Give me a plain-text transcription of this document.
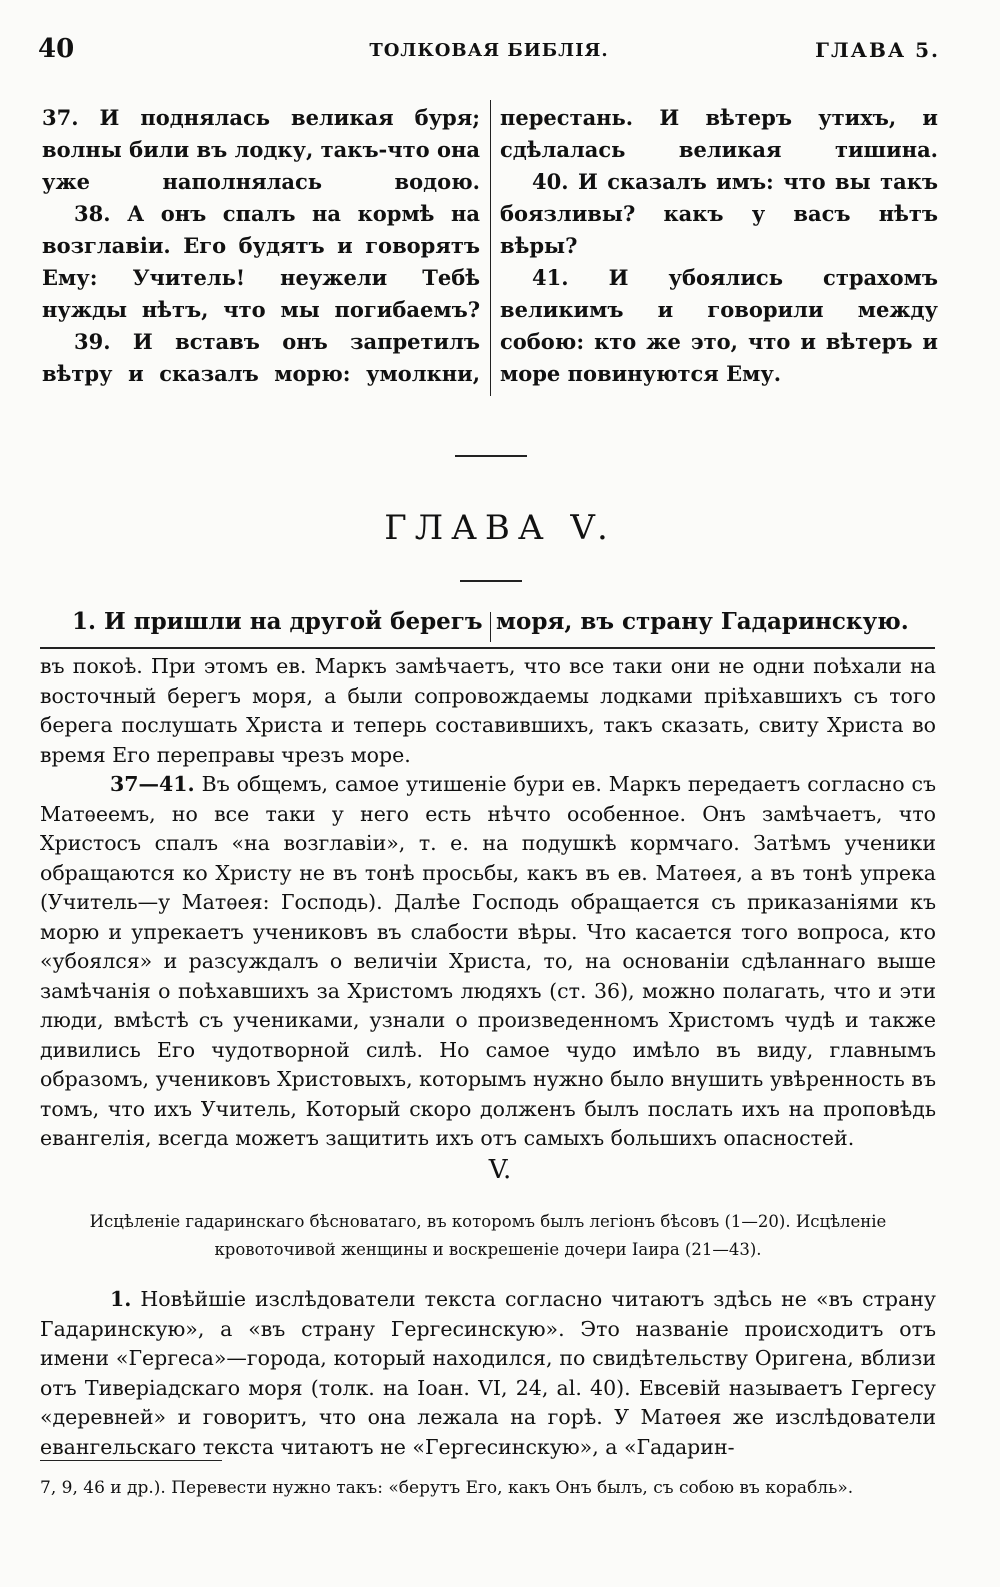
40	ТОЛКОВАЯ БИБЛІЯ.	ГЛАВА 5.

37. И поднялась великая буря; волны били въ лодку, такъ-что она уже наполнялась водою.

38. А онъ спалъ на кормѣ на возглавіи. Его будятъ и говорятъ Ему: Учитель! неужели Тебѣ нужды нѣтъ, что мы погибаемъ?

39. И вставъ онъ запретилъ вѣтру и сказалъ морю: умолкни,

перестань. И вѣтеръ утихъ, и сдѣлалась великая тишина.

40. И сказалъ имъ: что вы такъ боязливы? какъ у васъ нѣтъ вѣры?

41. И убоялись страхомъ великимъ и говорили между собою: кто же это, что и вѣтеръ и море повинуются Ему.

ГЛАВА V.
1. И пришли на другой берегъ моря, въ страну Гадаринскую.

въ покоѣ. При этомъ ев. Маркъ замѣчаетъ, что все таки они не одни поѣхали на восточный берегъ моря, а были сопровождаемы лодками пріѣхавшихъ съ того берега послушать Христа и теперь составившихъ, такъ сказать, свиту Христа во время Его переправы чрезъ море.

37—41. Въ общемъ, самое утишеніе бури ев. Маркъ передаетъ согласно съ Матѳеемъ, но все таки у него есть нѣчто особенное. Онъ замѣчаетъ, что Христосъ спалъ «на возглавіи», т. е. на подушкѣ кормчаго. Затѣмъ ученики обращаются ко Христу не въ тонѣ просьбы, какъ въ ев. Матѳея, а въ тонѣ упрека (Учитель—у Матѳея: Господь). Далѣе Господь обращается съ приказаніями къ морю и упрекаетъ учениковъ въ слабости вѣры. Что касается того вопроса, кто «убоялся» и разсуждалъ о величіи Христа, то, на основаніи сдѣланнаго выше замѣчанія о поѣхавшихъ за Христомъ людяхъ (ст. 36), можно полагать, что и эти люди, вмѣстѣ съ учениками, узнали о произведенномъ Христомъ чудѣ и также дивились Его чудотворной силѣ. Но самое чудо имѣло въ виду, главнымъ образомъ, учениковъ Христовыхъ, которымъ нужно было внушить увѣренность въ томъ, что ихъ Учитель, Который скоро долженъ былъ послать ихъ на проповѣдь евангелія, всегда можетъ защитить ихъ отъ самыхъ большихъ опасностей.

V.
Исцѣленіе гадаринскаго бѣсноватаго, въ которомъ былъ легіонъ бѣсовъ (1—20). Исцѣленіе кровоточивой женщины и воскрешеніе дочери Іаира (21—43).

1. Новѣйшіе изслѣдователи текста согласно читаютъ здѣсь не «въ страну Гадаринскую», а «въ страну Гергесинскую». Это названіе происходитъ отъ имени «Гергеса»—города, который находился, по свидѣтельству Оригена, вблизи отъ Тиверіадскаго моря (толк. на Іоан. VI, 24, al. 40). Евсевій называетъ Гергесу «деревней» и говоритъ, что она лежала на горѣ. У Матѳея же изслѣдователи евангельскаго текста читаютъ не «Гергесинскую», а «Гадарин-

7, 9, 46 и др.). Перевести нужно такъ: «берутъ Его, какъ Онъ былъ, съ собою въ корабль».
